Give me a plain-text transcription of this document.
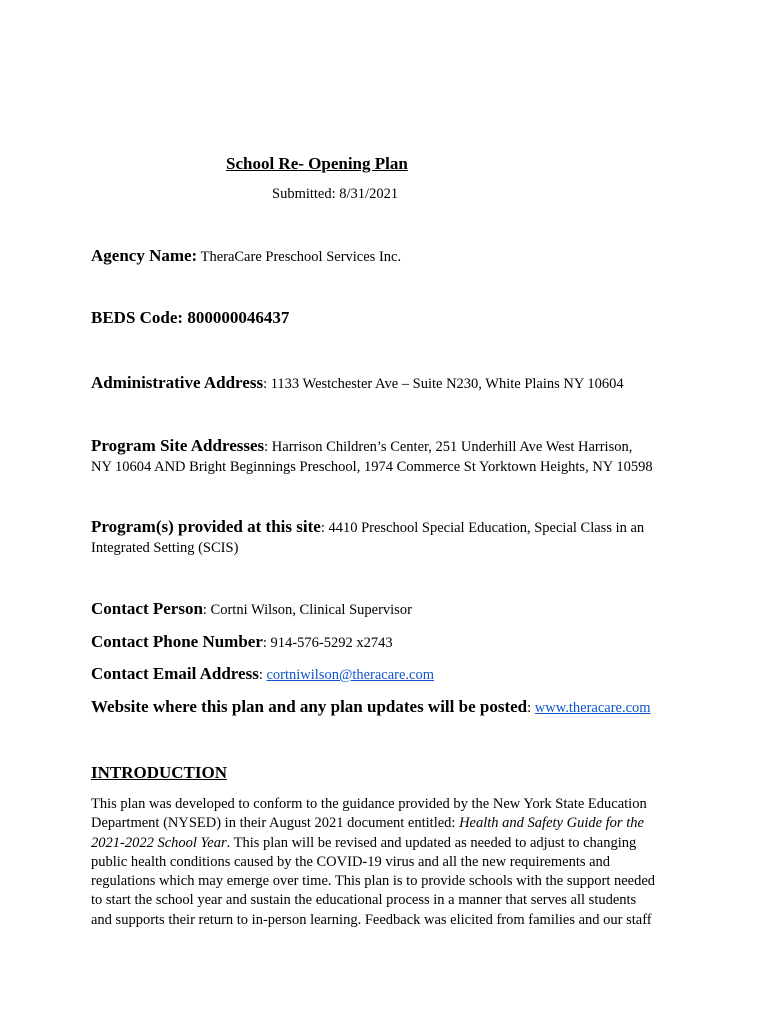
School Re- Opening Plan
Submitted: 8/31/2021
Agency Name: TheraCare Preschool Services Inc.
BEDS Code: 800000046437
Administrative Address: 1133 Westchester Ave – Suite N230, White Plains NY 10604
Program Site Addresses: Harrison Children’s Center, 251 Underhill Ave West Harrison,
NY 10604 AND Bright Beginnings Preschool, 1974 Commerce St Yorktown Heights, NY 10598
Program(s) provided at this site: 4410 Preschool Special Education, Special Class in an
Integrated Setting (SCIS)
Contact Person: Cortni Wilson, Clinical Supervisor
Contact Phone Number: 914-576-5292 x2743
Contact Email Address: cortniwilson@theracare.com
Website where this plan and any plan updates will be posted: www.theracare.com
INTRODUCTION
This plan was developed to conform to the guidance provided by the New York State Education
Department (NYSED) in their August 2021 document entitled: Health and Safety Guide for the
2021-2022 School Year. This plan will be revised and updated as needed to adjust to changing
public health conditions caused by the COVID-19 virus and all the new requirements and
regulations which may emerge over time. This plan is to provide schools with the support needed
to start the school year and sustain the educational process in a manner that serves all students
and supports their return to in-person learning. Feedback was elicited from families and our staff
